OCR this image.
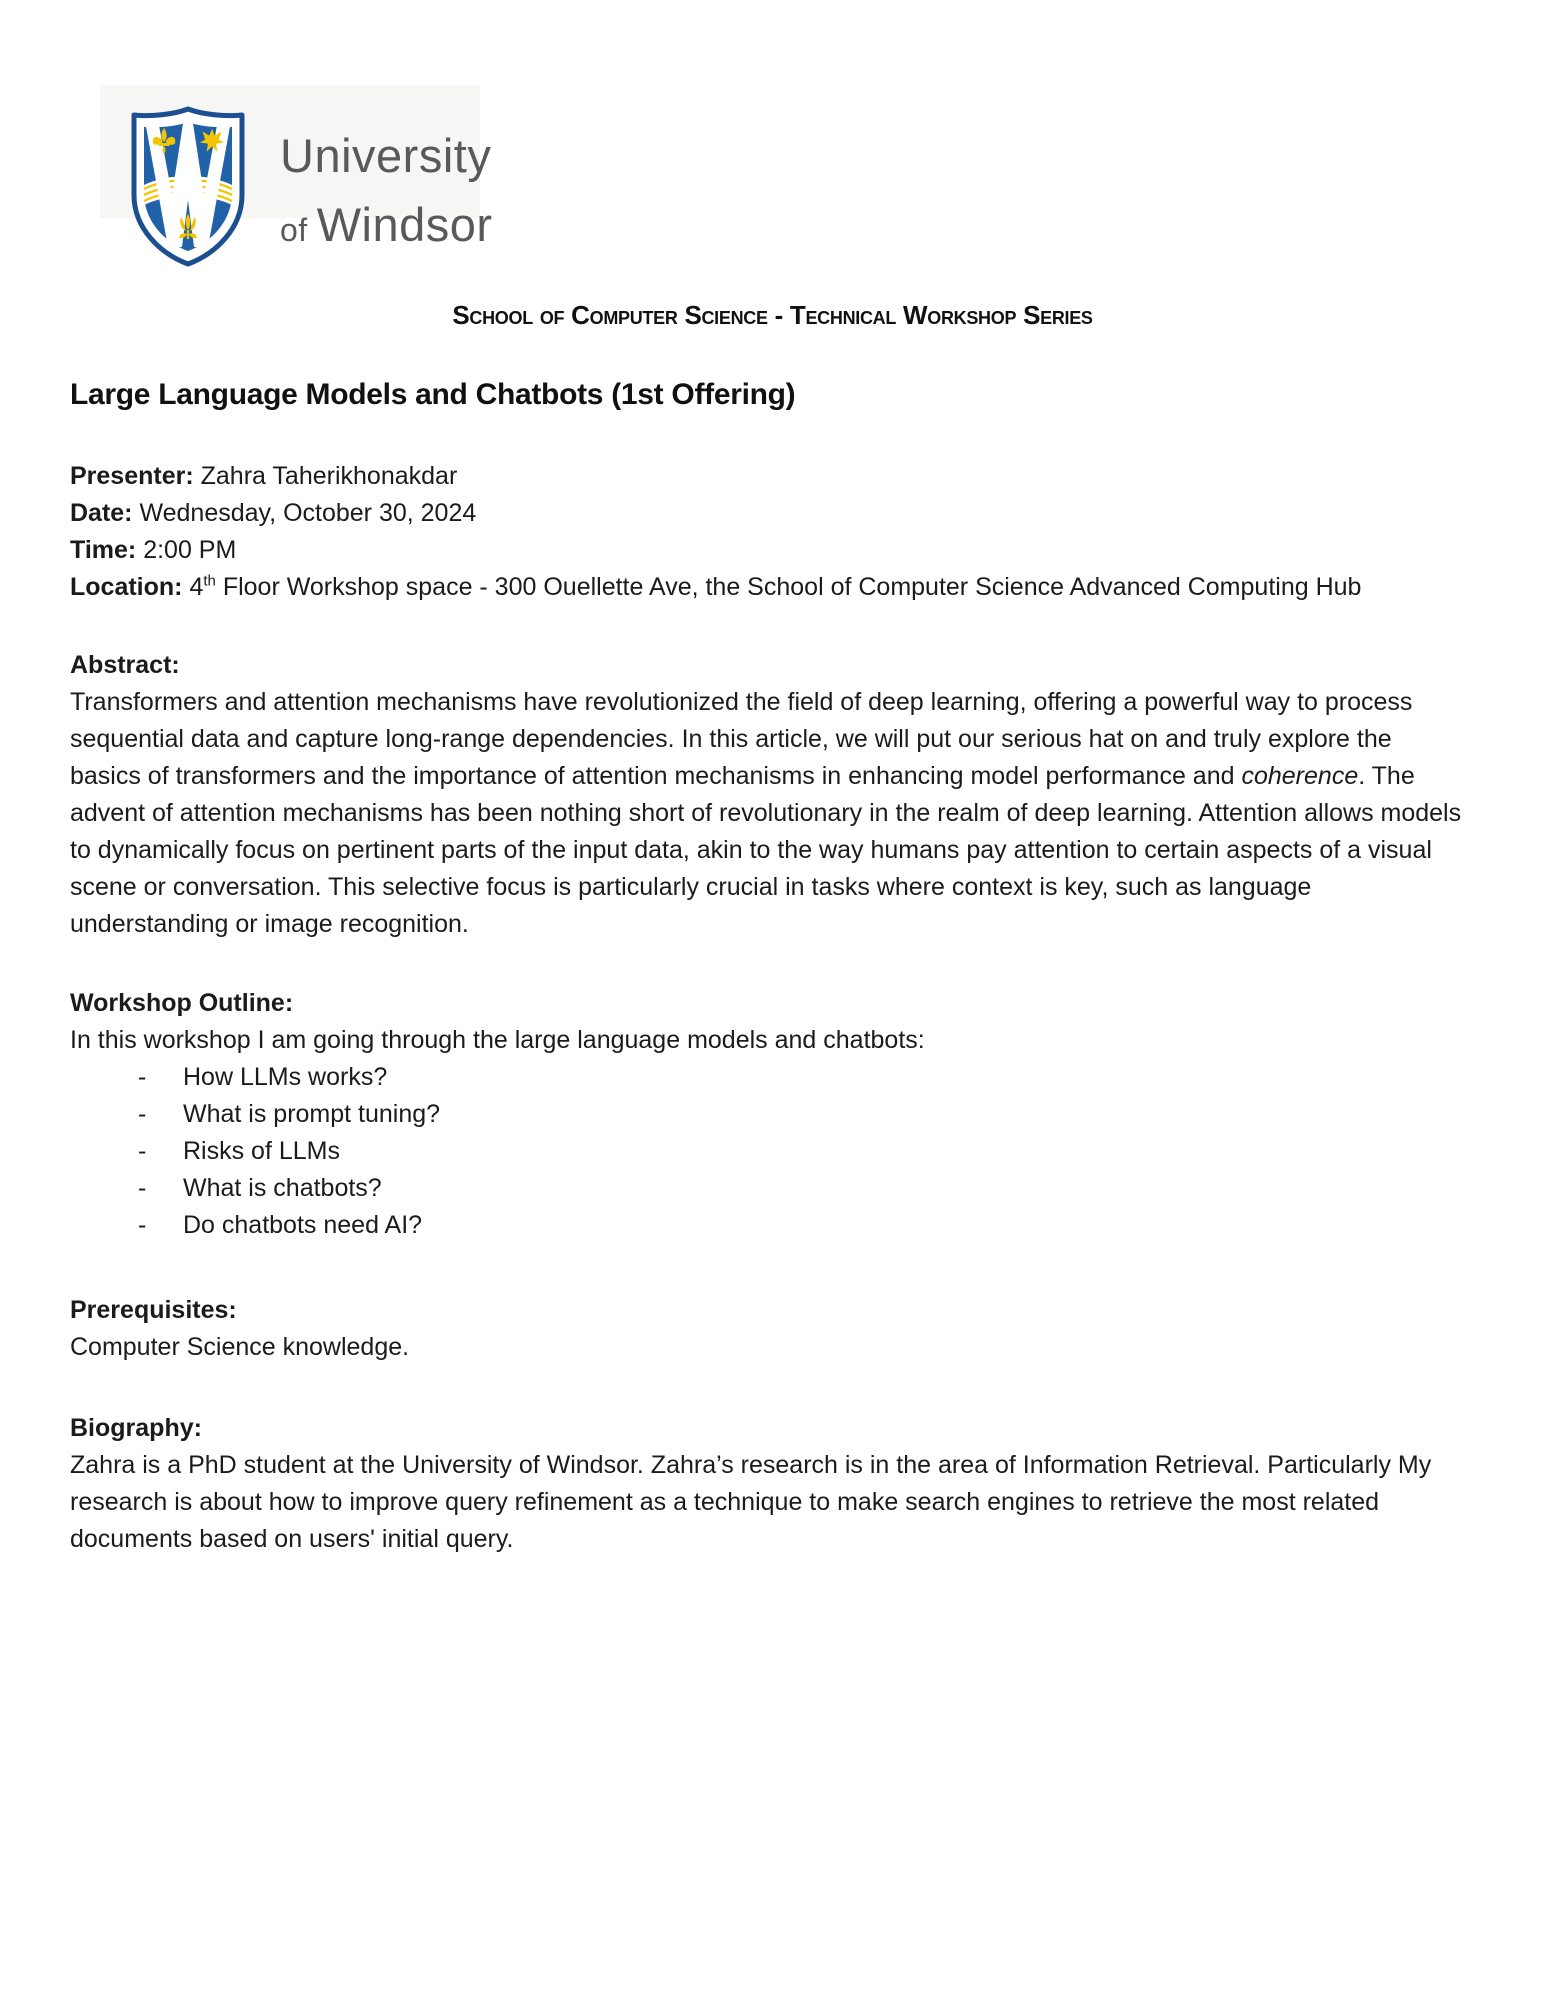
University
of Windsor
School of Computer Science - Technical Workshop Series
Large Language Models and Chatbots (1st Offering)

Presenter: Zahra Taherikhonakdar

Date: Wednesday, October 30, 2024

Time: 2:00 PM

Location: 4th Floor Workshop space - 300 Ouellette Ave, the School of Computer Science Advanced Computing Hub

Abstract:

Transformers and attention mechanisms have revolutionized the field of deep learning, offering a powerful way to process sequential data and capture long-range dependencies. In this article, we will put our serious hat on and truly explore the basics of transformers and the importance of attention mechanisms in enhancing model performance and coherence. The advent of attention mechanisms has been nothing short of revolutionary in the realm of deep learning. Attention allows models to dynamically focus on pertinent parts of the input data, akin to the way humans pay attention to certain aspects of a visual scene or conversation. This selective focus is particularly crucial in tasks where context is key, such as language understanding or image recognition.

Workshop Outline:

In this workshop I am going through the large language models and chatbots:

- How LLMs works?
- What is prompt tuning?
- Risks of LLMs
- What is chatbots?
- Do chatbots need AI?

Prerequisites:

Computer Science knowledge.

Biography:

Zahra is a PhD student at the University of Windsor. Zahra’s research is in the area of Information Retrieval. Particularly My research is about how to improve query refinement as a technique to make search engines to retrieve the most related documents based on users' initial query.
